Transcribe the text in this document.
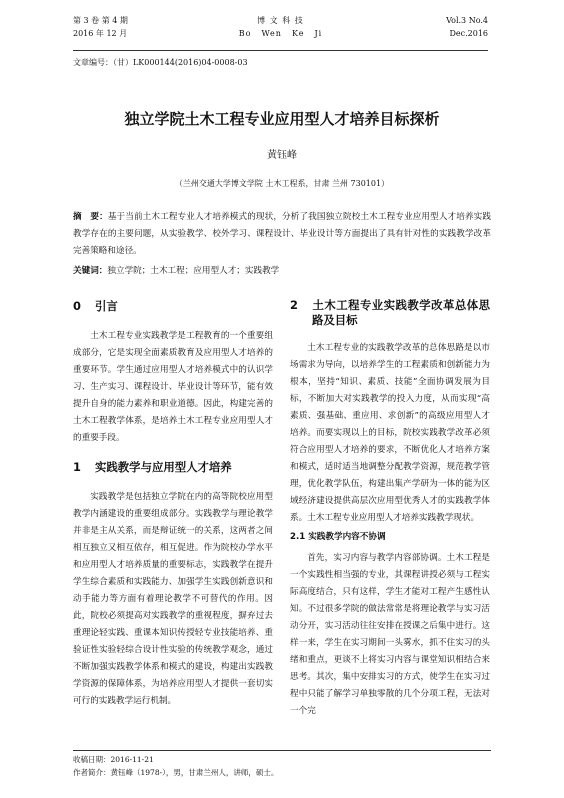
第 3 卷 第 4 期
2016 年 12 月
博 文 科 技
Bo Wen Ke Ji
Vol.3 No.4
Dec.2016
文章编号：（甘）LK000144(2016)04-0008-03
独立学院土木工程专业应用型人才培养目标探析
黄钰峰
（兰州交通大学博文学院 土木工程系，甘肃 兰州 730101）
摘　要：基于当前土木工程专业人才培养模式的现状，分析了我国独立院校土木工程专业应用型人才培养实践教学存在的主要问题，从实验教学、校外学习、课程设计、毕业设计等方面提出了具有针对性的实践教学改革完善策略和途径。
关键词：独立学院；土木工程；应用型人才；实践教学
0 引言

土木工程专业实践教学是工程教育的一个重要组成部分，它是实现全面素质教育及应用型人才培养的重要环节。学生通过应用型人才培养模式中的认识学习、生产实习、课程设计、毕业设计等环节，能有效提升自身的能力素养和职业道德。因此，构建完善的土木工程教学体系，是培养土木工程专业应用型人才的重要手段。

1 实践教学与应用型人才培养

实践教学是包括独立学院在内的高等院校应用型教学内涵建设的重要组成部分。实践教学与理论教学并非是主从关系，而是辩证统一的关系，这两者之间相互独立又相互依存，相互促进。作为院校办学水平和应用型人才培养质量的重要标志，实践教学在提升学生综合素质和实践能力、加强学生实践创新意识和动手能力等方面有着理论教学不可替代的作用。因此，院校必须提高对实践教学的重视程度，摒弃过去重理论轻实践、重课本知识传授轻专业技能培养、重验证性实验轻综合设计性实验的传统教学观念，通过不断加强实践教学体系和模式的建设，构建出实践教学资源的保障体系，为培养应用型人才提供一套切实可行的实践教学运行机制。

2 土木工程专业实践教学改革总体思路及目标

土木工程专业的实践教学改革的总体思路是以市场需求为导向，以培养学生的工程素质和创新能力为根本，坚持“知识、素质、技能”全面协调发展为目标，不断加大对实践教学的投入力度，从而实现“高素质、强基础、重应用、求创新”的高级应用型人才培养。而要实现以上的目标，院校实践教学改革必须符合应用型人才培养的要求，不断优化人才培养方案和模式，适时适当地调整分配教学资源，规范教学管理，优化教学队伍，构建出集产学研为一体的能为区域经济建设提供高层次应用型优秀人才的实践教学体系。土木工程专业应用型人才培养实践教学现状。

2.1 实践教学内容不协调

首先，实习内容与教学内容部协调。土木工程是一个实践性相当强的专业，其课程讲授必须与工程实际高度结合，只有这样，学生才能对工程产生感性认知。不过很多学院的做法常常是将理论教学与实习活动分开，实习活动往往安排在授课之后集中进行。这样一来，学生在实习期间一头雾水，抓不住实习的头绪和重点，更谈不上将实习内容与课堂知识相结合来思考。其次，集中安排实习的方式，使学生在实习过程中只能了解学习单独零散的几个分项工程，无法对一个完

收稿日期：2016-11-21
作者简介：黄钰峰（1978-），男，甘肃兰州人，讲师，硕士。
